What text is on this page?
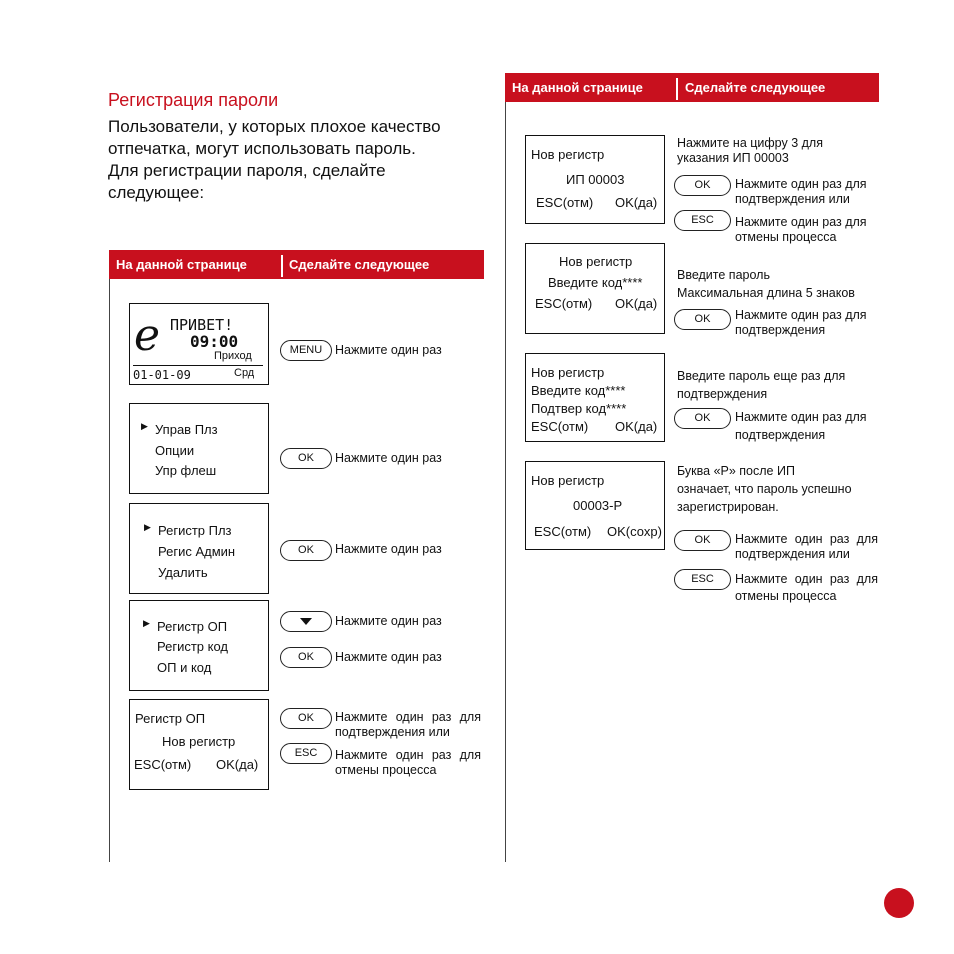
Регистрация пароли
Пользователи, у которых плохое качество
отпечатка, могут использовать пароль.
Для регистрации пароля, сделайте
следующее:
На данной странице	Сделайте следующее
На данной странице	Сделайте следующее
e ПРИВЕТ!
09:00
Приход
01-01-09	Срд
MENU	Нажмите один раз
▶ Управ Плз
Опции
Упр флеш
OK	Нажмите один раз
▶ Регистр Плз
Регис Админ
Удалить
OK	Нажмите один раз
▶ Регистр ОП
Регистр код
ОП и код
Нажмите один раз
OK	Нажмите один раз
Регистр ОП
Нов регистр
ESC(отм) OK(да)
OK	Нажмите один раз для
подтверждения или
ESC	Нажмите один раз для
отмены процесса
Нов регистр
ИП 00003
ESC(отм) OK(да)
Нажмите на цифру 3 для
указания ИП 00003
OK	Нажмите один раз для
подтверждения или
ESC	Нажмите один раз для
отмены процесса
Нов регистр
Введите код****
ESC(отм) OK(да)
Введите пароль
Максимальная длина 5 знаков
OK	Нажмите один раз для
подтверждения
Нов регистр
Введите код****
Подтвер код****
ESC(отм) OK(да)
Введите пароль еще раз для
подтверждения
OK	Нажмите один раз для
подтверждения
Нов регистр
00003-P
ESC(отм) OK(сохр)
Буква «P» после ИП
означает, что пароль успешно
зарегистрирован.
OK	Нажмите один раз для
подтверждения или
ESC	Нажмите один раз для
отмены процесса
